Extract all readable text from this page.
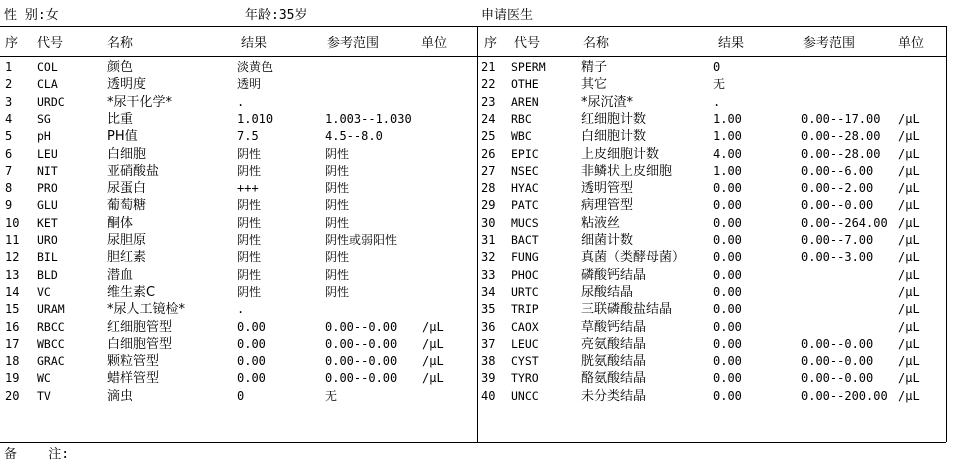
性 别:女	年龄:35岁	申请医生
序 代号	名称	结果	参考范围	单位	序 代号	名称	结果	参考范围	单位
1 COL	颜色	淡黄色
2 CLA	透明度	透明
3 URDC	*尿干化学*	.
4 SG	比重	1.010	1.003--1.030
5 pH	PH值	7.5	4.5--8.0
6 LEU	白细胞	阴性	阴性
7 NIT	亚硝酸盐	阴性	阴性
8 PRO	尿蛋白	+++	阴性
9 GLU	葡萄糖	阴性	阴性
10 KET	酮体	阴性	阴性
11 URO	尿胆原	阴性	阴性或弱阳性
12 BIL	胆红素	阴性	阴性
13 BLD	潜血	阴性	阴性
14 VC	维生素C	阴性	阴性
15 URAM	*尿人工镜检*	.
16 RBCC	红细胞管型	0.00	0.00--0.00 /μL
17 WBCC	白细胞管型	0.00	0.00--0.00 /μL
18 GRAC	颗粒管型	0.00	0.00--0.00 /μL
19 WC	蜡样管型	0.00	0.00--0.00 /μL
20 TV	滴虫	0	无
21 SPERM	精子	0
22 OTHE	其它	无
23 AREN	*尿沉渣*	.
24 RBC	红细胞计数	1.00	0.00--17.00 /μL
25 WBC	白细胞计数	1.00	0.00--28.00 /μL
26 EPIC	上皮细胞计数	4.00	0.00--28.00 /μL
27 NSEC	非鳞状上皮细胞	1.00	0.00--6.00 /μL
28 HYAC	透明管型	0.00	0.00--2.00 /μL
29 PATC	病理管型	0.00	0.00--0.00 /μL
30 MUCS	粘液丝	0.00	0.00--264.00 /μL
31 BACT	细菌计数	0.00	0.00--7.00 /μL
32 FUNG	真菌（类酵母菌） 0.00	0.00--3.00 /μL
33 PHOC	磷酸钙结晶	0.00	/μL
34 URTC	尿酸结晶	0.00	/μL
35 TRIP	三联磷酸盐结晶	0.00	/μL
36 CAOX	草酸钙结晶	0.00	/μL
37 LEUC	亮氨酸结晶	0.00	0.00--0.00 /μL
38 CYST	胱氨酸结晶	0.00	0.00--0.00 /μL
39 TYRO	酪氨酸结晶	0.00	0.00--0.00 /μL
40 UNCC	未分类结晶	0.00	0.00--200.00 /μL
备    注:
